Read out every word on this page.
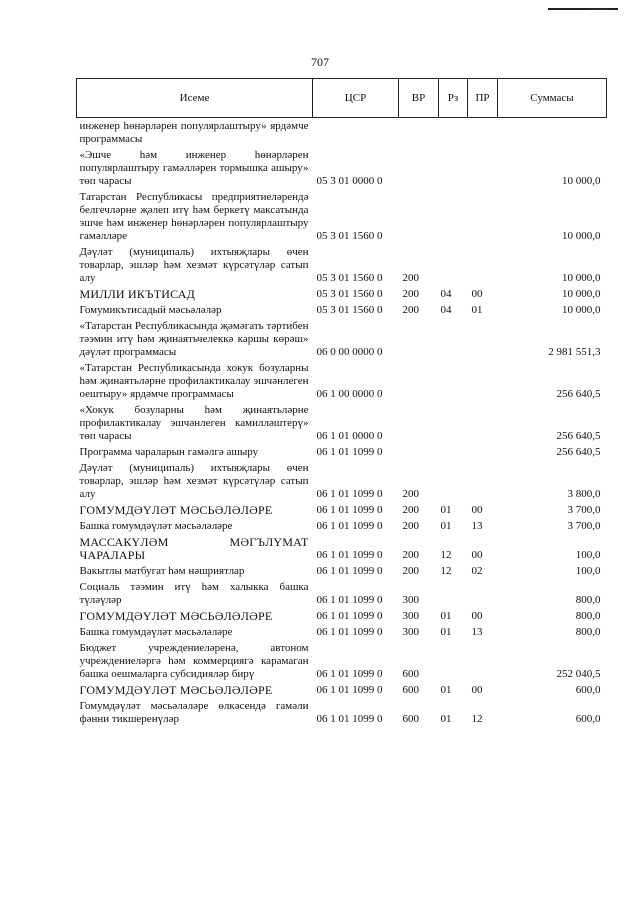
707
Исеме	ЦСР	ВР	Рз	ПР	Суммасы
инженер һөнәрләрен популярлаштыру» ярдәмче программасы					
«Эшче һәм инженер һөнәрләрен популярлаштыру гамәлләрен тормышка ашыру» төп чарасы	05 3 01 0000 0				10 000,0
Татарстан Республикасы предприятиеләрендә белгечләрне җәлеп итү һәм беркетү максатында эшче һәм инженер һөнәрләрен популярлаштыру гамәлләре	05 3 01 1560 0				10 000,0
Дәүләт (муниципаль) ихтыяҗлары өчен товарлар, эшләр һәм хезмәт күрсәтүләр сатып алу	05 3 01 1560 0	200			10 000,0
МИЛЛИ ИКЪТИСАД	05 3 01 1560 0	200	04	00	10 000,0
Гомумикътисадый мәсьәләләр	05 3 01 1560 0	200	04	01	10 000,0
«Татарстан Республикасында җәмәгать тәртибен тәэмин итү һәм җинаятьчелеккә каршы көрәш» дәүләт программасы	06 0 00 0000 0				2 981 551,3
«Татарстан Республикасында хокук бозуларны һәм җинаятьләрне профилактикалау эшчәнлеген оештыру» ярдәмче программасы	06 1 00 0000 0				256 640,5
«Хокук бозуларны һәм җинаятьләрне профилактикалау эшчәнлеген камилләштерү» төп чарасы	06 1 01 0000 0				256 640,5
Программа чараларын гамәлгә ашыру	06 1 01 1099 0				256 640,5
Дәүләт (муниципаль) ихтыяҗлары өчен товарлар, эшләр һәм хезмәт күрсәтүләр сатып алу	06 1 01 1099 0	200			3 800,0
ГОМУМДӘҮЛӘТ МӘСЬӘЛӘЛӘРЕ	06 1 01 1099 0	200	01	00	3 700,0
Башка гомумдәүләт мәсьәләләре	06 1 01 1099 0	200	01	13	3 700,0
МАССАКҮЛӘМ МӘГЪЛҮМАТ ЧАРАЛАРЫ	06 1 01 1099 0	200	12	00	100,0
Вакытлы матбугат һәм нәшриятлар	06 1 01 1099 0	200	12	02	100,0
Социаль тәэмин итү һәм халыкка башка түләүләр	06 1 01 1099 0	300			800,0
ГОМУМДӘҮЛӘТ МӘСЬӘЛӘЛӘРЕ	06 1 01 1099 0	300	01	00	800,0
Башка гомумдәүләт мәсьәләләре	06 1 01 1099 0	300	01	13	800,0
Бюджет учреждениеләренә, автоном учреждениеләргә һәм коммерциягә карамаган башка оешмаларга субсидияләр бирү	06 1 01 1099 0	600			252 040,5
ГОМУМДӘҮЛӘТ МӘСЬӘЛӘЛӘРЕ	06 1 01 1099 0	600	01	00	600,0
Гомумдәүләт мәсьәләләре өлкәсендә гамәли фәнни тикшеренүләр	06 1 01 1099 0	600	01	12	600,0
